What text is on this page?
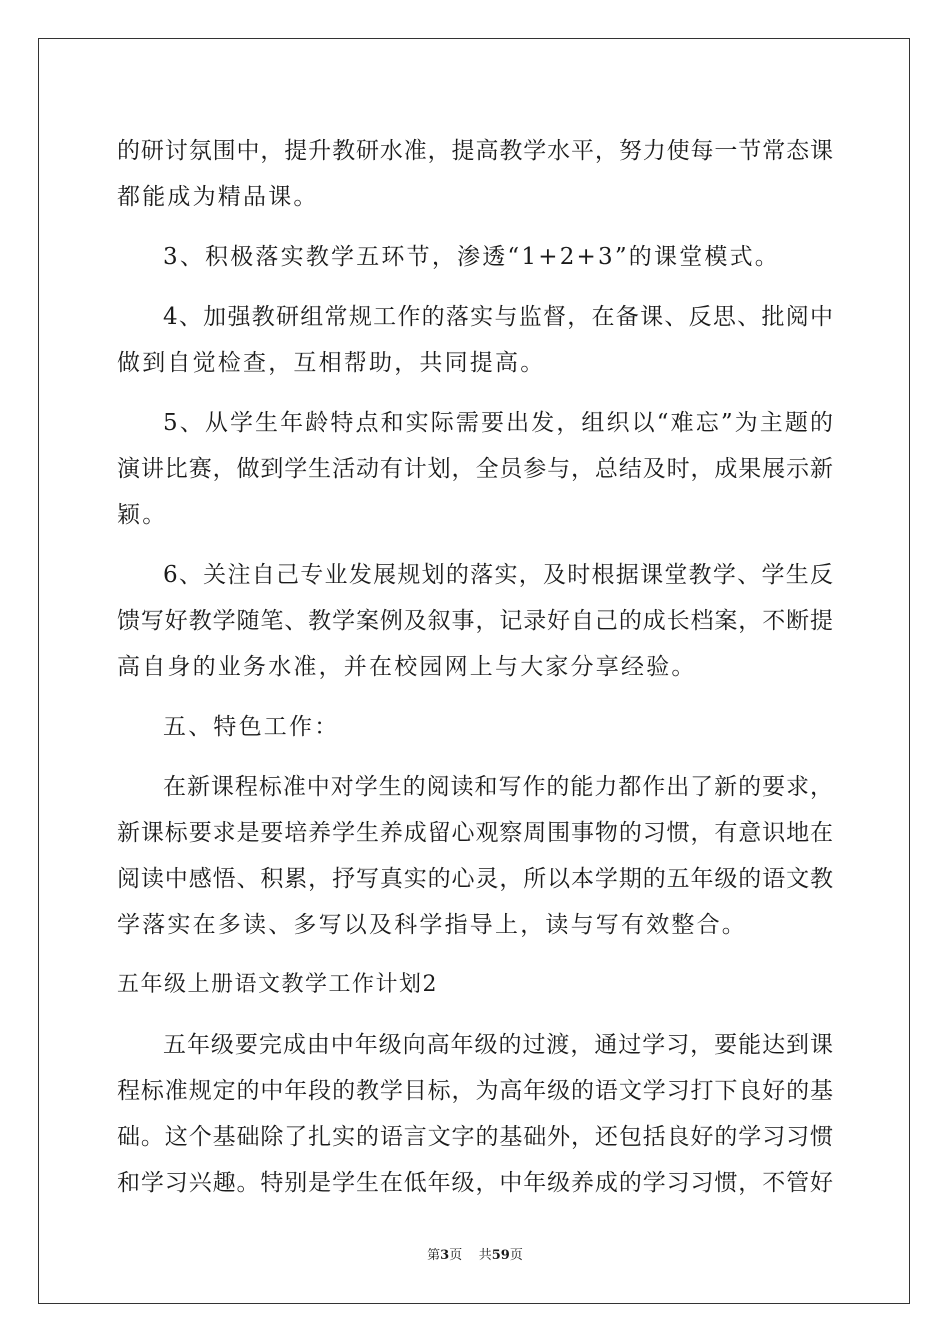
的研讨氛围中，提升教研水准，提高教学水平，努力使每一节常态课
都能成为精品课。
3、积极落实教学五环节，渗透“1+2+3”的课堂模式。
4、加强教研组常规工作的落实与监督，在备课、反思、批阅中
做到自觉检查，互相帮助，共同提高。
5、从学生年龄特点和实际需要出发，组织以“难忘”为主题的
演讲比赛，做到学生活动有计划，全员参与，总结及时，成果展示新
颖。
6、关注自己专业发展规划的落实，及时根据课堂教学、学生反
馈写好教学随笔、教学案例及叙事，记录好自己的成长档案，不断提
高自身的业务水准，并在校园网上与大家分享经验。
五、特色工作：
在新课程标准中对学生的阅读和写作的能力都作出了新的要求，
新课标要求是要培养学生养成留心观察周围事物的习惯，有意识地在
阅读中感悟、积累，抒写真实的心灵，所以本学期的五年级的语文教
学落实在多读、多写以及科学指导上，读与写有效整合。
五年级上册语文教学工作计划2
五年级要完成由中年级向高年级的过渡，通过学习，要能达到课
程标准规定的中年段的教学目标，为高年级的语文学习打下良好的基
础。这个基础除了扎实的语言文字的基础外，还包括良好的学习习惯
和学习兴趣。特别是学生在低年级，中年级养成的学习习惯，不管好
第3页 共59页
